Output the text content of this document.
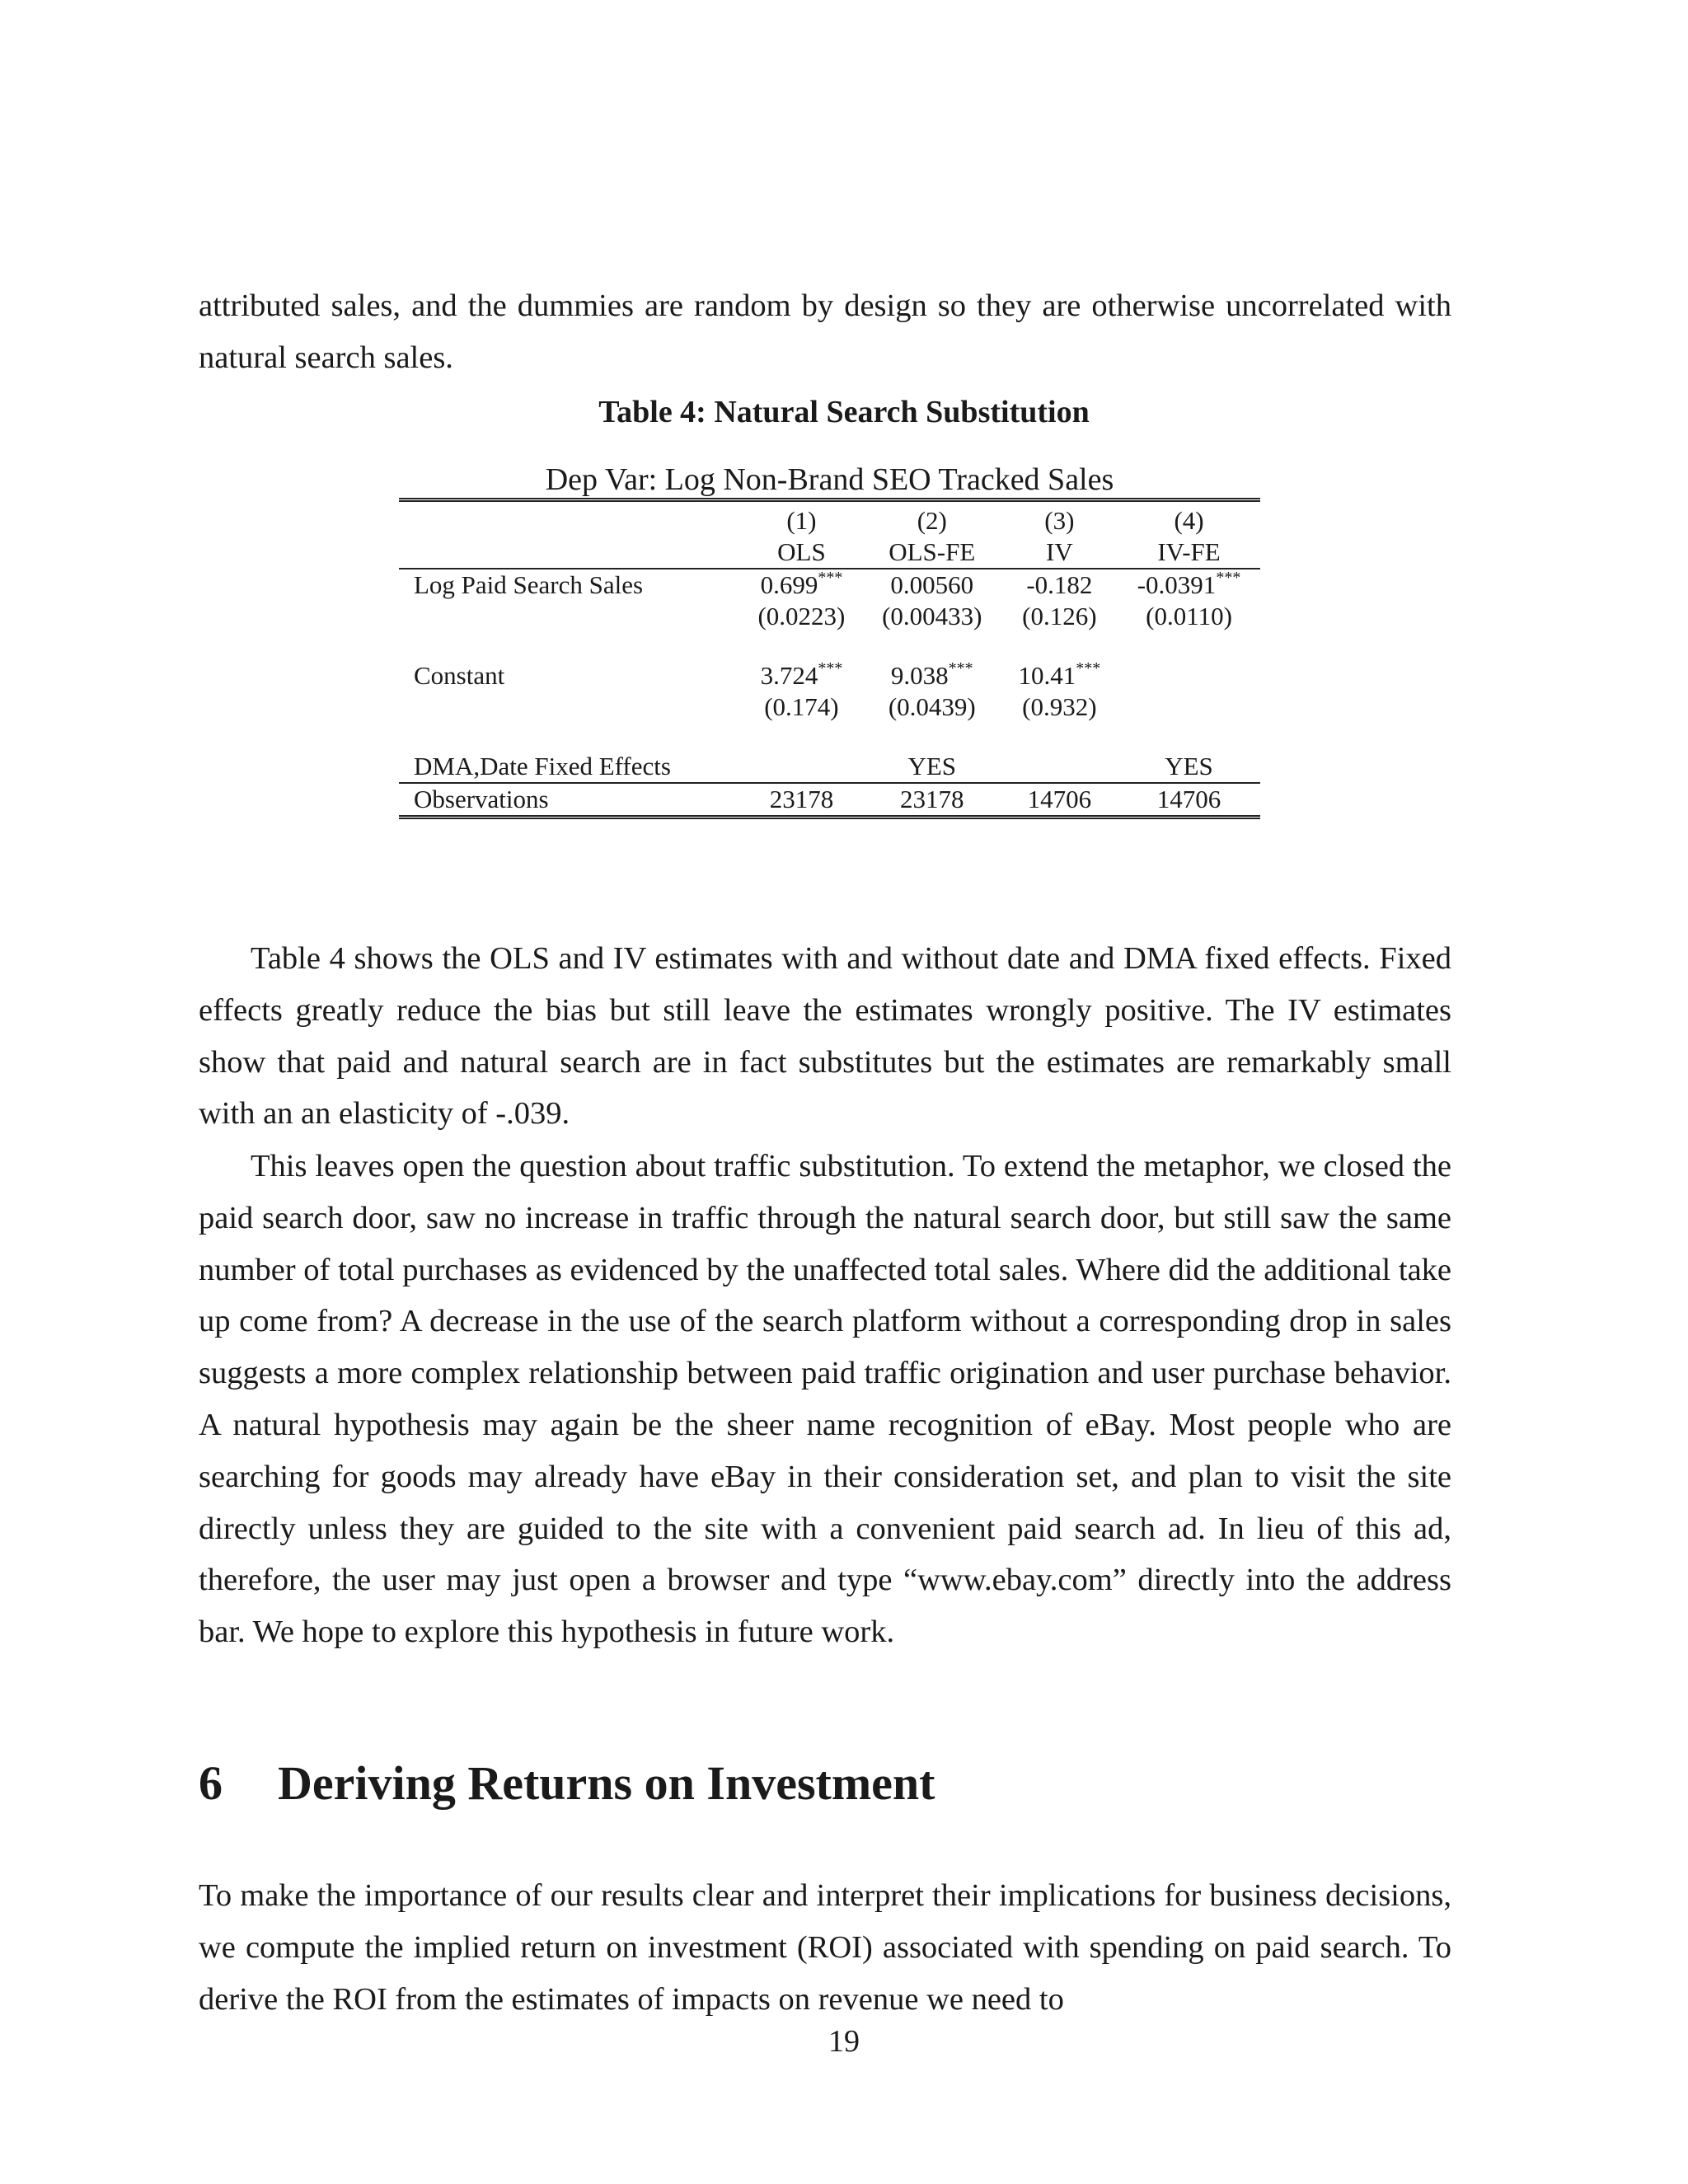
attributed sales, and the dummies are random by design so they are otherwise uncorrelated with natural search sales.

Table 4: Natural Search Substitution

Dep Var: Log Non-Brand SEO Tracked Sales

	(1)	(2)	(3)	(4)
	OLS	OLS-FE	IV	IV-FE
Log Paid Search Sales	0.699***	0.00560	-0.182	-0.0391***
	(0.0223)	(0.00433)	(0.126)	(0.0110)

Constant	3.724***	9.038***	10.41***	
	(0.174)	(0.0439)	(0.932)	

DMA,Date Fixed Effects		YES		YES
Observations	23178	23178	14706	14706

Table 4 shows the OLS and IV estimates with and without date and DMA fixed effects. Fixed effects greatly reduce the bias but still leave the estimates wrongly positive. The IV estimates show that paid and natural search are in fact substitutes but the estimates are remarkably small with an an elasticity of -.039.

This leaves open the question about traffic substitution. To extend the metaphor, we closed the paid search door, saw no increase in traffic through the natural search door, but still saw the same number of total purchases as evidenced by the unaffected total sales. Where did the additional take up come from? A decrease in the use of the search platform without a corresponding drop in sales suggests a more complex relationship between paid traffic origination and user purchase behavior. A natural hypothesis may again be the sheer name recognition of eBay. Most people who are searching for goods may already have eBay in their consideration set, and plan to visit the site directly unless they are guided to the site with a convenient paid search ad. In lieu of this ad, therefore, the user may just open a browser and type “www.ebay.com” directly into the address bar. We hope to explore this hypothesis in future work.

6 Deriving Returns on Investment

To make the importance of our results clear and interpret their implications for business decisions, we compute the implied return on investment (ROI) associated with spending on paid search. To derive the ROI from the estimates of impacts on revenue we need to

19
